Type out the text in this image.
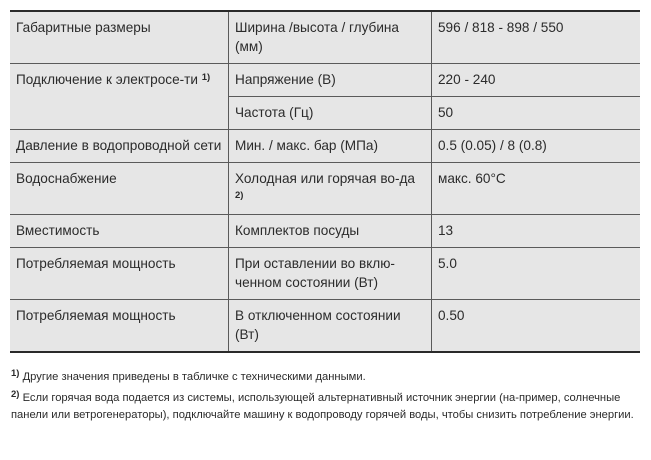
Габаритные размеры	Ширина /высота / глубина (мм)	596 / 818 - 898 / 550
Подключение к электросе-ти $^{1)}$	Напряжение (В)	220 - 240
	Частота (Гц)	50
Давление в водопроводной сети	Мин. / макс. бар (МПа)	0.5 (0.05) / 8 (0.8)
Водоснабжение	Холодная или горячая во-да $^{2)}$	макс. 60°C
Вместимость	Комплектов посуды	13
Потребляемая мощность	При оставлении во вклю-ченном состоянии (Вт)	5.0
Потребляемая мощность	В отключенном состоянии (Вт)	0.50

$^{1)}$ Другие значения приведены в табличке с техническими данными.

$^{2)}$ Если горячая вода подается из системы, использующей альтернативный источник энергии (на-пример, солнечные панели или ветрогенераторы), подключайте машину к водопроводу горячей воды, чтобы снизить потребление энергии.
